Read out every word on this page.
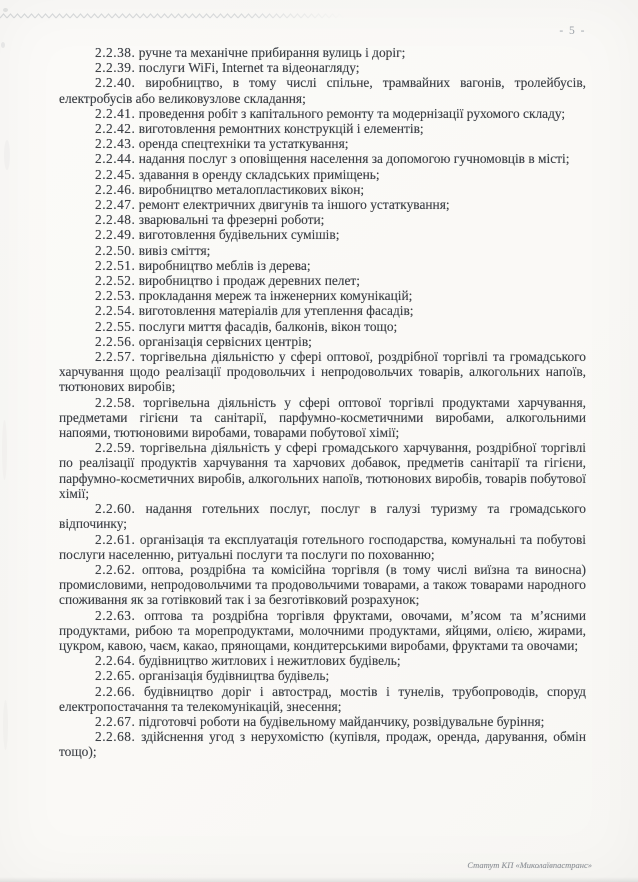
- 5 -

2.2.38. ручне та механічне прибирання вулиць і доріг;

2.2.39. послуги WiFi, Internet та відеонагляду;

2.2.40. виробництво, в тому числі спільне, трамвайних вагонів, тролейбусів, електробусів або великовузлове складання;

2.2.41. проведення робіт з капітального ремонту та модернізації рухомого складу;

2.2.42. виготовлення ремонтних конструкцій і елементів;

2.2.43. оренда спецтехніки та устаткування;

2.2.44. надання послуг з оповіщення населення за допомогою гучномовців в місті;

2.2.45. здавання в оренду складських приміщень;

2.2.46. виробництво металопластикових вікон;

2.2.47. ремонт електричних двигунів та іншого устаткування;

2.2.48. зварювальні та фрезерні роботи;

2.2.49. виготовлення будівельних сумішів;

2.2.50. вивіз сміття;

2.2.51. виробництво меблів із дерева;

2.2.52. виробництво і продаж деревних пелет;

2.2.53. прокладання мереж та інженерних комунікацій;

2.2.54. виготовлення матеріалів для утеплення фасадів;

2.2.55. послуги миття фасадів, балконів, вікон тощо;

2.2.56. організація сервісних центрів;

2.2.57. торгівельна діяльністю у сфері оптової, роздрібної торгівлі та громадського харчування щодо реалізації продовольчих і непродовольчих товарів, алкогольних напоїв, тютюнових виробів;

2.2.58. торгівельна діяльність у сфері оптової торгівлі продуктами харчування, предметами гігієни та санітарії, парфумно-косметичними виробами, алкогольними напоями, тютюновими виробами, товарами побутової хімії;

2.2.59. торгівельна діяльність у сфері громадського харчування, роздрібної торгівлі по реалізації продуктів харчування та харчових добавок, предметів санітарії та гігієни, парфумно-косметичних виробів, алкогольних напоїв, тютюнових виробів, товарів побутової хімії;

2.2.60. надання готельних послуг, послуг в галузі туризму та громадського відпочинку;

2.2.61. організація та експлуатація готельного господарства, комунальні та побутові послуги населенню, ритуальні послуги та послуги по похованню;

2.2.62. оптова, роздрібна та комісійна торгівля (в тому числі виїзна та виносна) промисловими, непродовольчими та продовольчими товарами, а також товарами народного споживання як за готівковий так і за безготівковий розрахунок;

2.2.63. оптова та роздрібна торгівля фруктами, овочами, м’ясом та м’ясними продуктами, рибою та морепродуктами, молочними продуктами, яйцями, олією, жирами, цукром, кавою, чаєм, какао, прянощами, кондитерськими виробами, фруктами та овочами;

2.2.64. будівництво житлових і нежитлових будівель;

2.2.65. організація будівництва будівель;

2.2.66. будівництво доріг і автострад, мостів і тунелів, трубопроводів, споруд електропостачання та телекомунікацій, знесення;

2.2.67. підготовчі роботи на будівельному майданчику, розвідувальне буріння;

2.2.68. здійснення угод з нерухомістю (купівля, продаж, оренда, дарування, обмін тощо);

Статут КП «Миколаївпастранс»
